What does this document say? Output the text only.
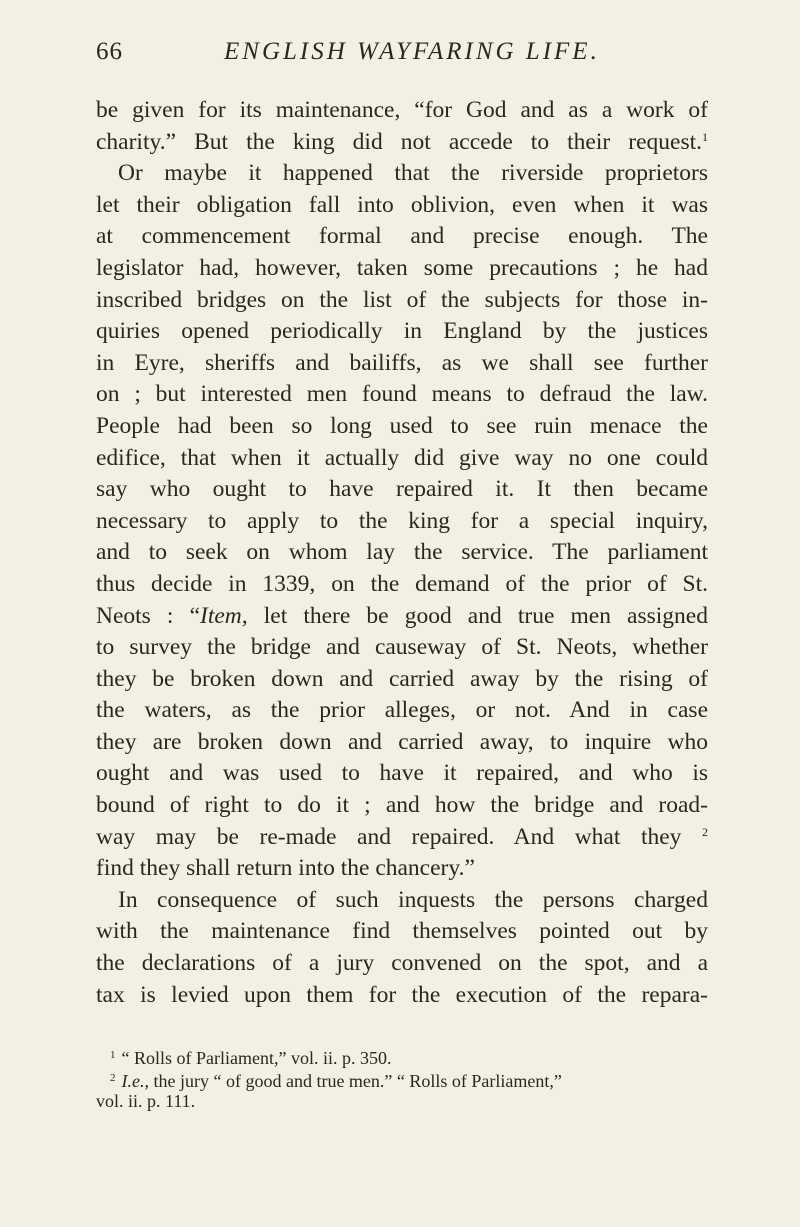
66	ENGLISH WAYFARING LIFE.
be given for its maintenance, “for God and as a work of
charity.” But the king did not accede to their request.$^1$
Or maybe it happened that the riverside proprietors
let their obligation fall into oblivion, even when it was
at commencement formal and precise enough. The
legislator had, however, taken some precautions ; he had
inscribed bridges on the list of the subjects for those in-
quiries opened periodically in England by the justices
in Eyre, sheriffs and bailiffs, as we shall see further
on ; but interested men found means to defraud the law.
People had been so long used to see ruin menace the
edifice, that when it actually did give way no one could
say who ought to have repaired it. It then became
necessary to apply to the king for a special inquiry,
and to seek on whom lay the service. The parliament
thus decide in 1339, on the demand of the prior of St.
Neots : “Item, let there be good and true men assigned
to survey the bridge and causeway of St. Neots, whether
they be broken down and carried away by the rising of
the waters, as the prior alleges, or not. And in case
they are broken down and carried away, to inquire who
ought and was used to have it repaired, and who is
bound of right to do it ; and how the bridge and road-
way may be re-made and repaired. And what they $^2$
find they shall return into the chancery.”
In consequence of such inquests the persons charged
with the maintenance find themselves pointed out by
the declarations of a jury convened on the spot, and a
tax is levied upon them for the execution of the repara-
$^1$ “ Rolls of Parliament,” vol. ii. p. 350.
$^2$ I.e., the jury “ of good and true men.” “ Rolls of Parliament,”
vol. ii. p. 111.
